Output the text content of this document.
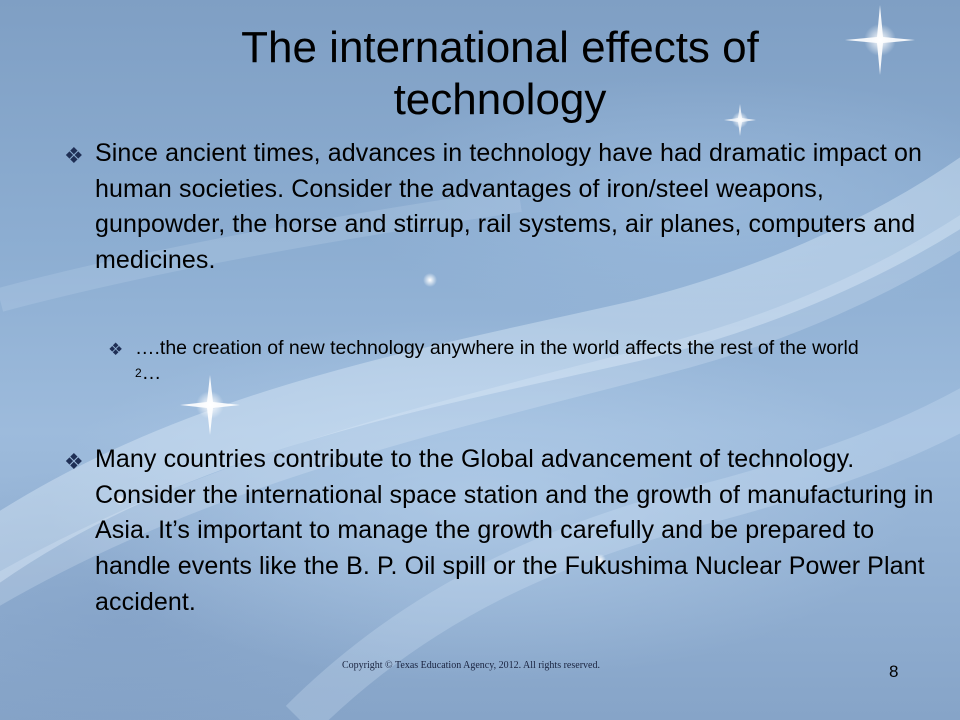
The international effects of
technology
❖ Since ancient times, advances in technology have had dramatic impact on human societies. Consider the advantages of iron/steel weapons, gunpowder, the horse and stirrup, rail systems, air planes, computers and medicines.
❖ ….the creation of new technology anywhere in the world affects the rest of the world $^2$…
❖ Many countries contribute to the Global advancement of technology. Consider the international space station and the growth of manufacturing in Asia. It’s important to manage the growth carefully and be prepared to handle events like the B. P. Oil spill or the Fukushima Nuclear Power Plant accident.
Copyright © Texas Education Agency, 2012. All rights reserved.	8
